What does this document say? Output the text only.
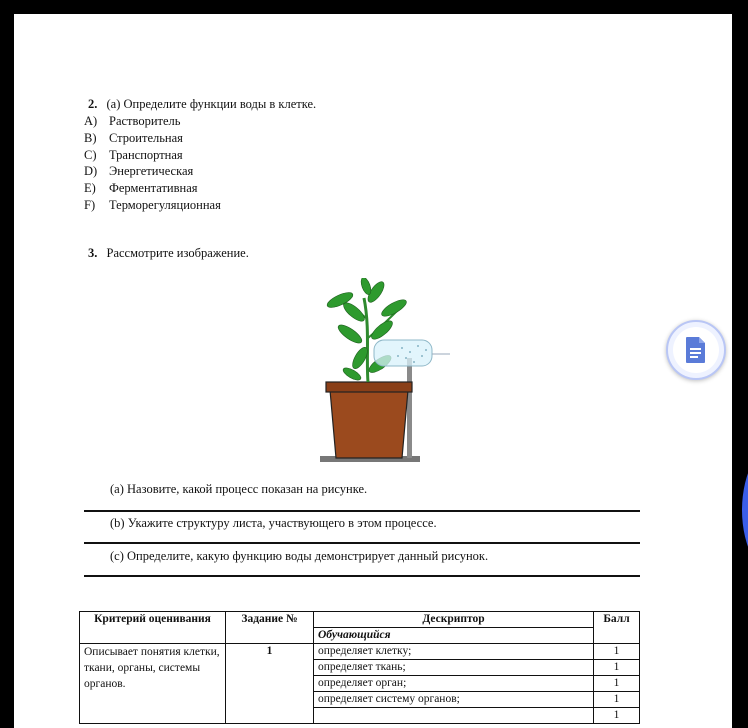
2. (a) Определите функции воды в клетке.
A) Растворитель
B) Строительная
C) Транспортная
D) Энергетическая
E) Ферментативная
F) Терморегуляционная
3. Рассмотрите изображение.
(a) Назовите, какой процесс показан на рисунке.
(b) Укажите структуру листа, участвующего в этом процессе.
(c) Определите, какую функцию воды демонстрирует данный рисунок.
Критерий оценивания	Задание №	Дескриптор	Балл
		Обучающийся	
Описывает понятия клетки, ткани, органы, системы органов.	1	определяет клетку;	1
		определяет ткань;	1
		определяет орган;	1
		определяет систему органов;	1
			1
